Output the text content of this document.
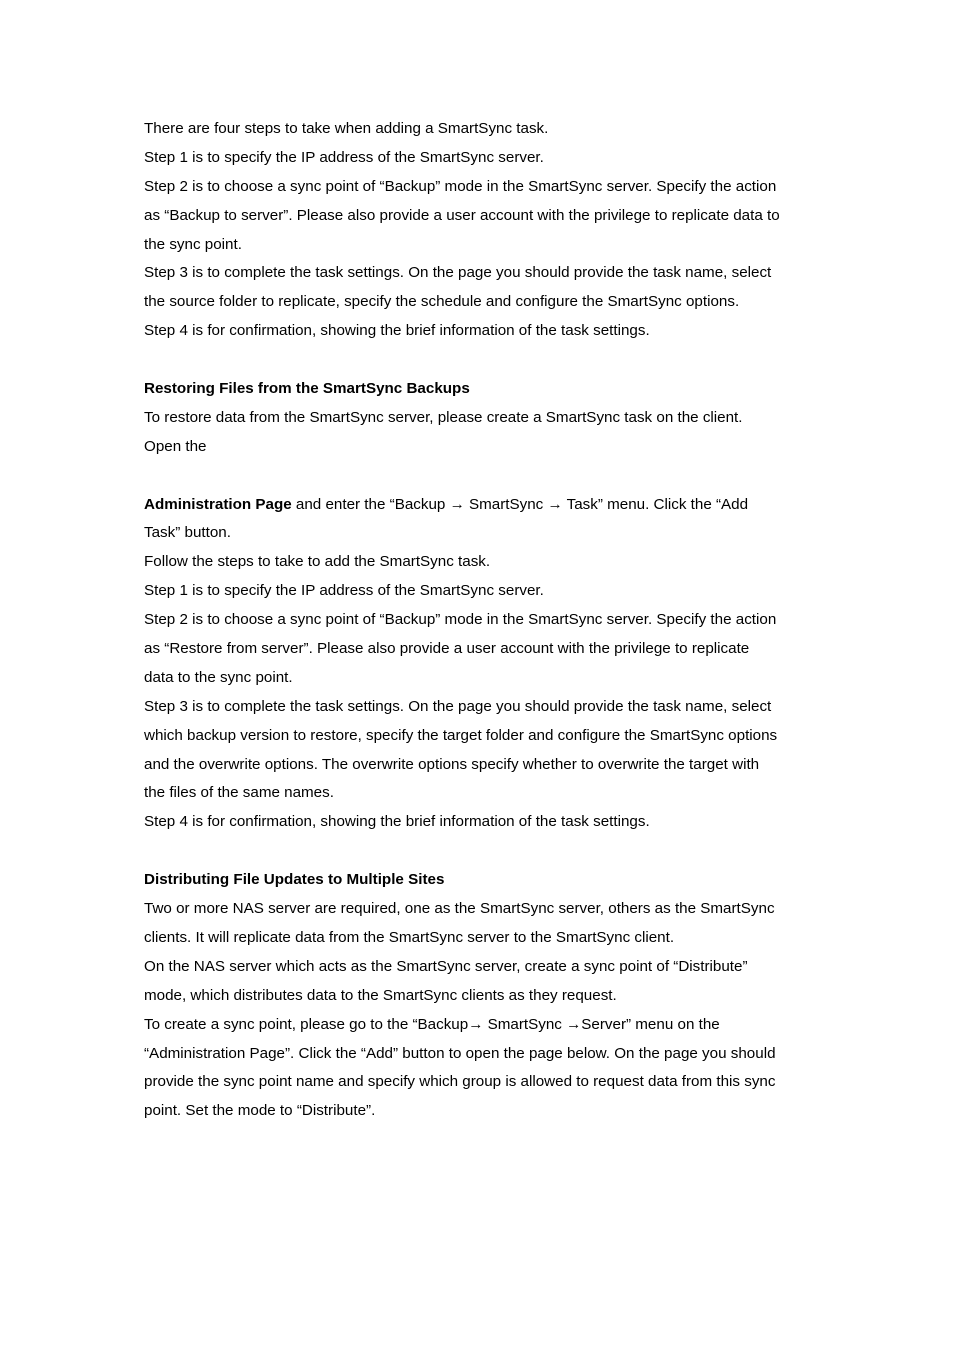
There are four steps to take when adding a SmartSync task.

Step 1 is to specify the IP address of the SmartSync server.

Step 2 is to choose a sync point of “Backup” mode in the SmartSync server. Specify the action

as “Backup to server”. Please also provide a user account with the privilege to replicate data to

the sync point.

Step 3 is to complete the task settings. On the page you should provide the task name, select

the source folder to replicate, specify the schedule and configure the SmartSync options.

Step 4 is for confirmation, showing the brief information of the task settings.

Restoring Files from the SmartSync Backups

To restore data from the SmartSync server, please create a SmartSync task on the client.

Open the

Administration Page and enter the “Backup → SmartSync → Task” menu. Click the “Add

Task” button.

Follow the steps to take to add the SmartSync task.

Step 1 is to specify the IP address of the SmartSync server.

Step 2 is to choose a sync point of “Backup” mode in the SmartSync server. Specify the action

as “Restore from server”. Please also provide a user account with the privilege to replicate

data to the sync point.

Step 3 is to complete the task settings. On the page you should provide the task name, select

which backup version to restore, specify the target folder and configure the SmartSync options

and the overwrite options. The overwrite options specify whether to overwrite the target with

the files of the same names.

Step 4 is for confirmation, showing the brief information of the task settings.

Distributing File Updates to Multiple Sites

Two or more NAS server are required, one as the SmartSync server, others as the SmartSync

clients. It will replicate data from the SmartSync server to the SmartSync client.

On the NAS server which acts as the SmartSync server, create a sync point of “Distribute”

mode, which distributes data to the SmartSync clients as they request.

To create a sync point, please go to the “Backup→ SmartSync →Server” menu on the

“Administration Page”. Click the “Add” button to open the page below. On the page you should

provide the sync point name and specify which group is allowed to request data from this sync

point. Set the mode to “Distribute”.
